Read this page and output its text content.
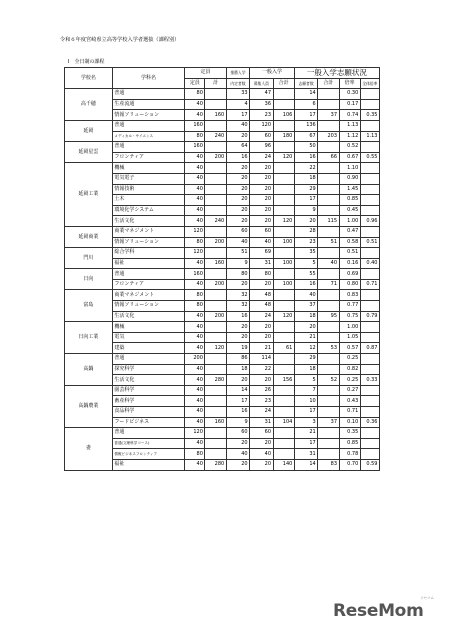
令和６年度宮崎県立高等学校入学者選抜（課程別）
Ⅰ　全日制の課程
学校名	学科名	定員		推薦入学	一般入学		一般入学志願状況			
		定員	計	内定者数	募集人員	合計	志願者数	合計	倍率	全体倍率
高千穂	普通	80		33	47		14		0.30	
	生産流通	40		4	36		6		0.17	
	情報ソリューション	40	160	17	23	106	17	37	0.74	0.35
延岡	普通	160		40	120		136		1.13	
	メディカル・サイエンス	80	240	20	60	180	67	203	1.12	1.13
延岡星雲	普通	160		64	96		50		0.52	
	フロンティア	40	200	16	24	120	16	66	0.67	0.55
延岡工業	機械	40		20	20		22		1.10	
	電気電子	40		20	20		18		0.90	
	情報技術	40		20	20		29		1.45	
	土木	40		20	20		17		0.85	
	環境化学システム	40		20	20		9		0.45	
	生活文化	40	240	20	20	120	20	115	1.00	0.96
延岡商業	商業マネジメント	120		60	60		28		0.47	
	情報ソリューション	80	200	40	40	100	23	51	0.58	0.51
門川	総合学科	120		51	69		35		0.51	
	福祉	40	160	9	31	100	5	40	0.16	0.40
日向	普通	160		80	80		55		0.69	
	フロンティア	40	200	20	20	100	16	71	0.80	0.71
富島	商業マネジメント	80		32	48		40		0.83	
	情報ソリューション	80		32	48		37		0.77	
	生活文化	40	200	16	24	120	18	95	0.75	0.79
日向工業	機械	40		20	20		20		1.00	
	電気	40		20	20		21		1.05	
	建築	40	120	19	21	61	12	53	0.57	0.87
高鍋	普通	200		86	114		29		0.25	
	探究科学	40		18	22		18		0.82	
	生活文化	40	280	20	20	156	5	52	0.25	0.33
高鍋農業	園芸科学	40		14	26		7		0.27	
	畜産科学	40		17	23		10		0.43	
	食品科学	40		16	24		17		0.71	
	フードビジネス	40	160	9	31	104	3	37	0.10	0.36
妻	普通	120		60	60		21		0.35	
	普通(文理科学コース)	40		20	20		17		0.85	
	情報ビジネスフロンティア	80		40	40		31		0.78	
	福祉	40	280	20	20	140	14	83	0.70	0.59
ReseMom
リセマム
